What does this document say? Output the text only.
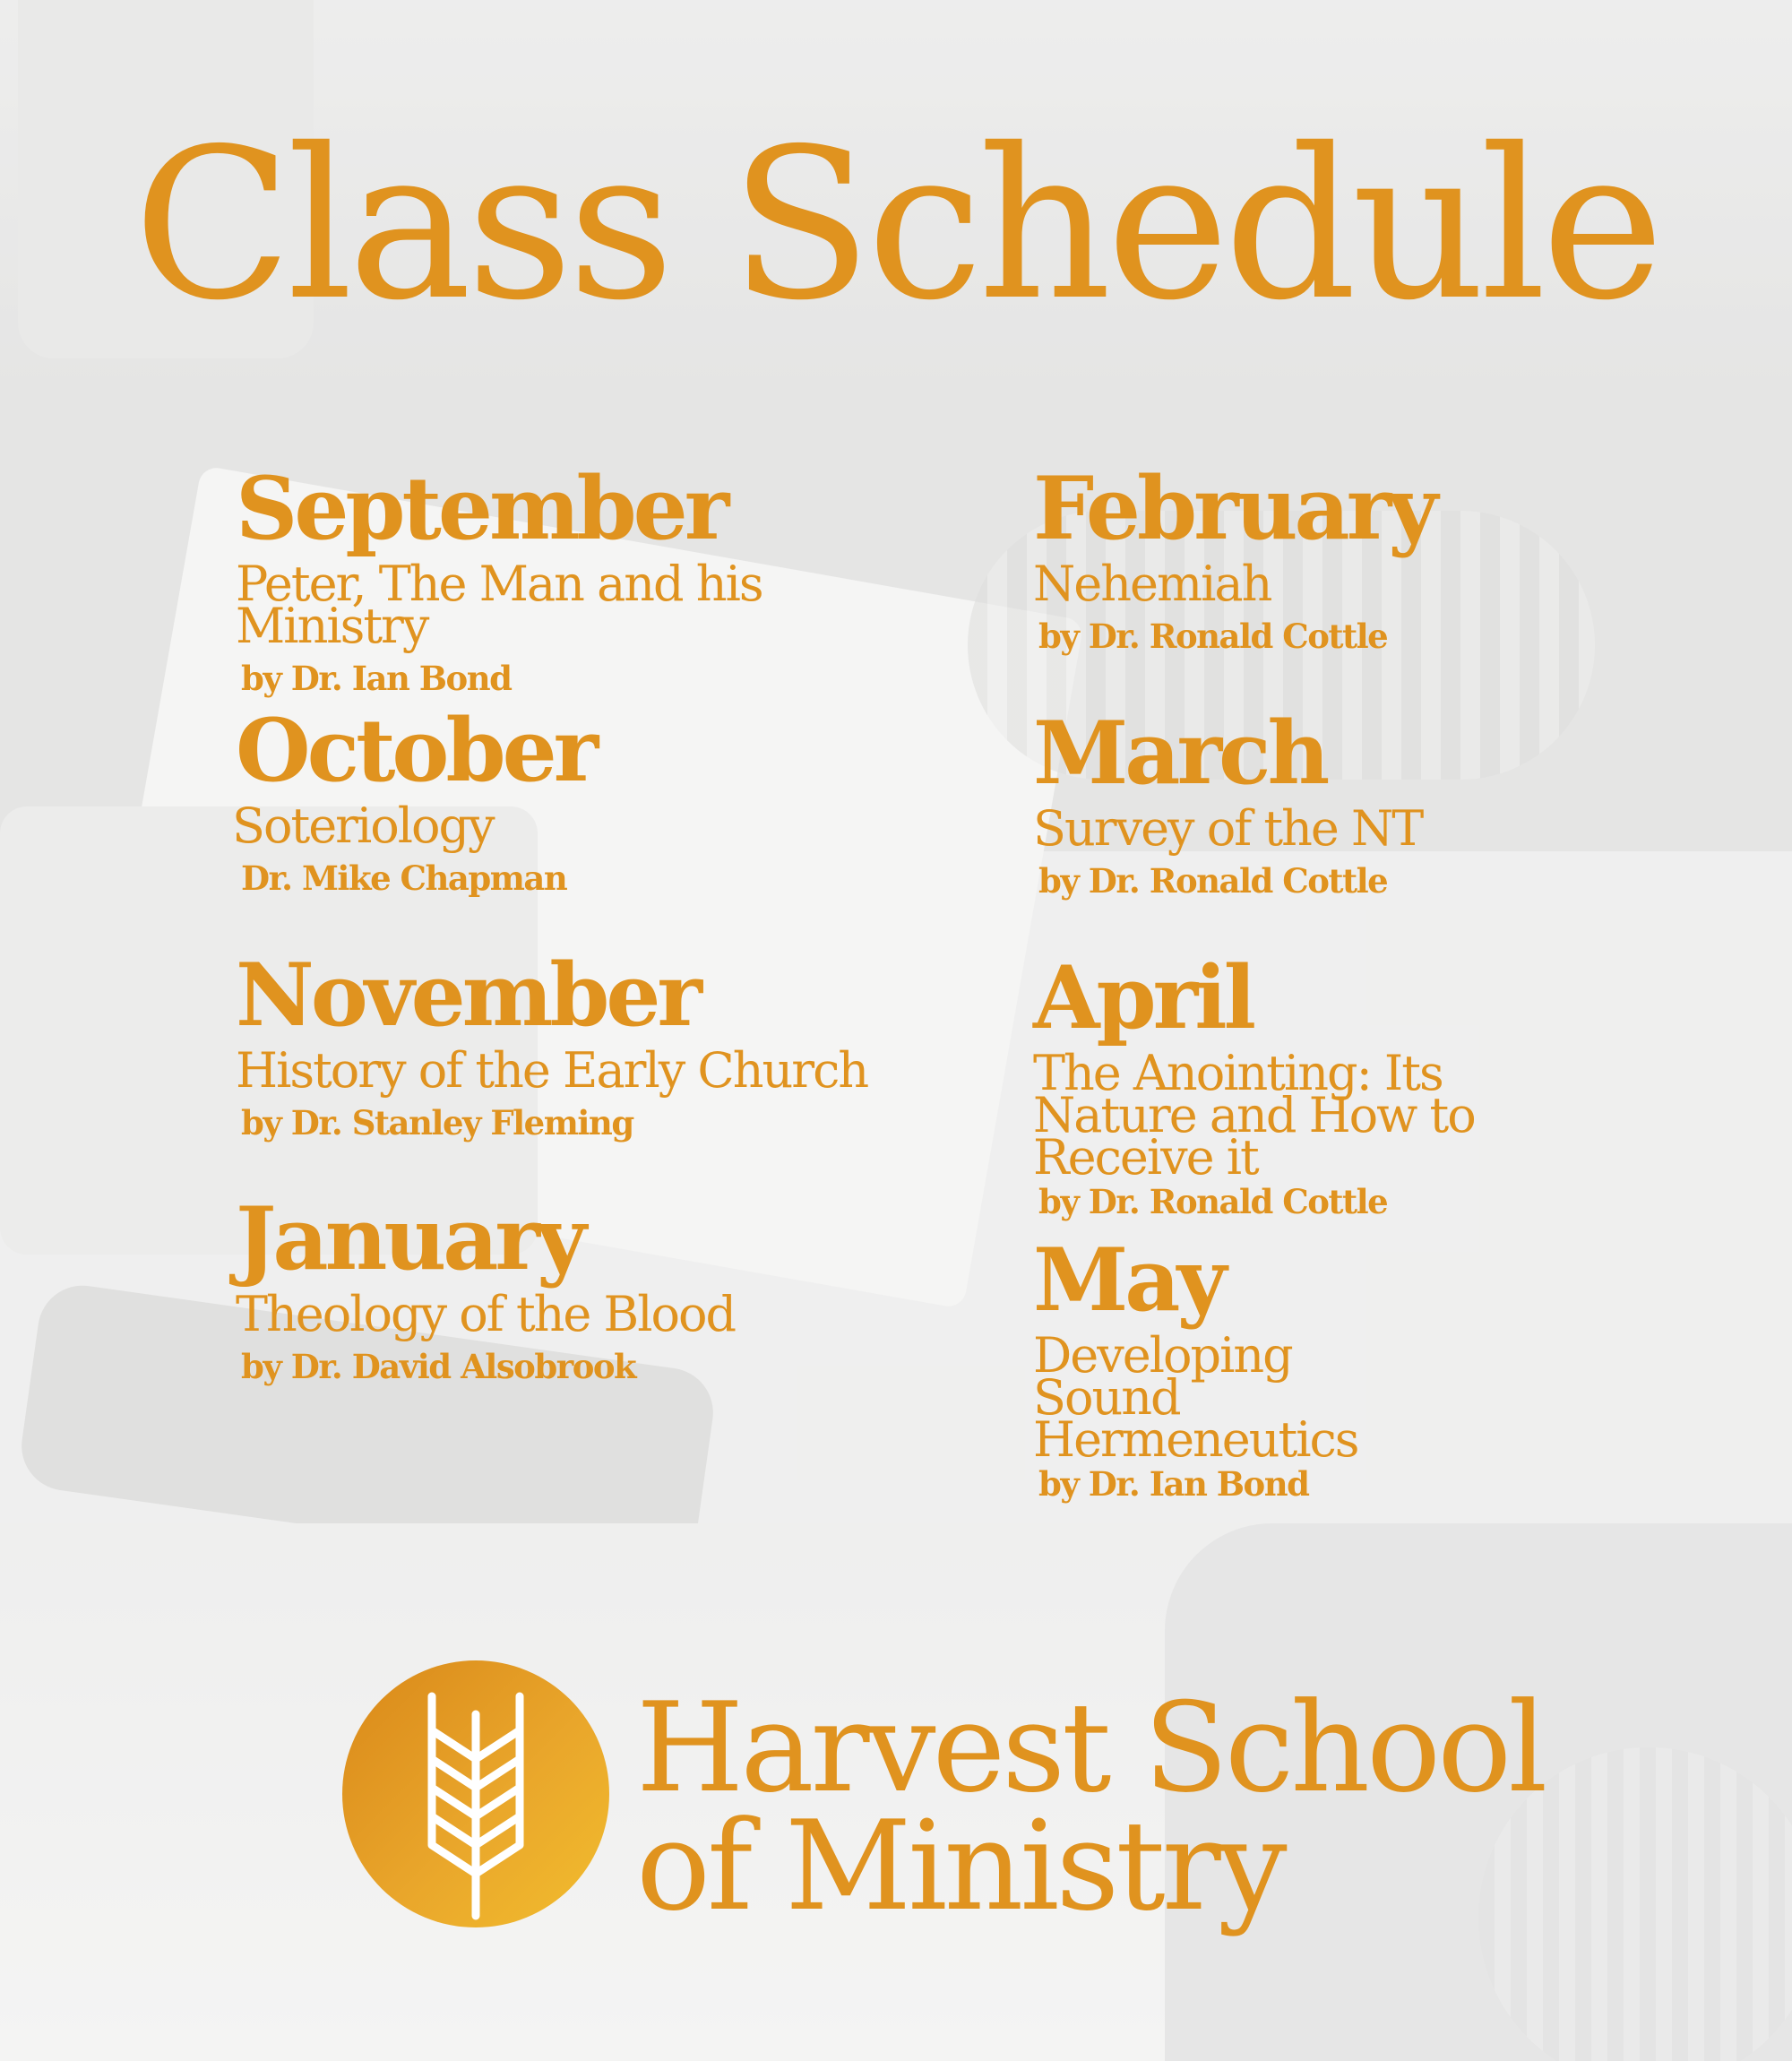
Class Schedule
September
Peter, The Man and his Ministry
by Dr. Ian Bond
October
Soteriology
Dr. Mike Chapman
November
History of the Early Church
by Dr. Stanley Fleming
January
Theology of the Blood
by Dr. David Alsobrook
February
Nehemiah
by Dr. Ronald Cottle
March
Survey of the NT
by Dr. Ronald Cottle
April
The Anointing: Its Nature and How to Receive it
by Dr. Ronald Cottle
May
Developing Sound Hermeneutics
by Dr. Ian Bond
Harvest School
of Ministry
